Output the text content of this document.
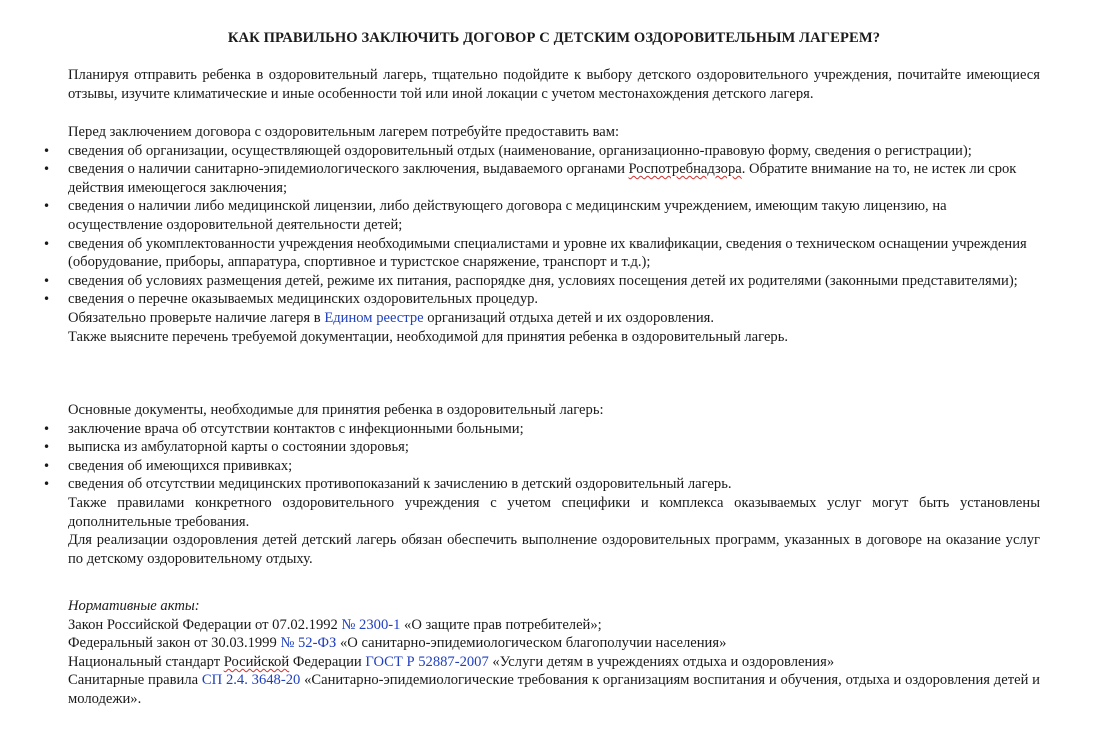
КАК ПРАВИЛЬНО ЗАКЛЮЧИТЬ ДОГОВОР С ДЕТСКИМ ОЗДОРОВИТЕЛЬНЫМ ЛАГЕРЕМ?

Планируя отправить ребенка в оздоровительный лагерь, тщательно подойдите к выбору детского оздоровительного учреждения, почитайте имеющиеся отзывы, изучите климатические и иные особенности той или иной локации с учетом местонахождения детского лагеря.

Перед заключением договора с оздоровительным лагерем потребуйте предоставить вам:

• сведения об организации, осуществляющей оздоровительный отдых (наименование, организационно-правовую форму, сведения о регистрации);
• сведения о наличии санитарно-эпидемиологического заключения, выдаваемого органами Роспотребнадзора. Обратите внимание на то, не истек ли срок действия имеющегося заключения;
• сведения о наличии либо медицинской лицензии, либо действующего договора с медицинским учреждением, имеющим такую лицензию, на осуществление оздоровительной деятельности детей;
• сведения об укомплектованности учреждения необходимыми специалистами и уровне их квалификации, сведения о техническом оснащении учреждения (оборудование, приборы, аппаратура, спортивное и туристское снаряжение, транспорт и т.д.);
• сведения об условиях размещения детей, режиме их питания, распорядке дня, условиях посещения детей их родителями (законными представителями);
• сведения о перечне оказываемых медицинских оздоровительных процедур.

Обязательно проверьте наличие лагеря в Едином реестре организаций отдыха детей и их оздоровления.

Также выясните перечень требуемой документации, необходимой для принятия ребенка в оздоровительный лагерь.

Основные документы, необходимые для принятия ребенка в оздоровительный лагерь:

• заключение врача об отсутствии контактов с инфекционными больными;
• выписка из амбулаторной карты о состоянии здоровья;
• сведения об имеющихся прививках;
• сведения об отсутствии медицинских противопоказаний к зачислению в детский оздоровительный лагерь.

Также правилами конкретного оздоровительного учреждения с учетом специфики и комплекса оказываемых услуг могут быть установлены дополнительные требования.

Для реализации оздоровления детей детский лагерь обязан обеспечить выполнение оздоровительных программ, указанных в договоре на оказание услуг по детскому оздоровительному отдыху.

Нормативные акты:

Закон Российской Федерации от 07.02.1992 № 2300-1 «О защите прав потребителей»;

Федеральный закон от 30.03.1999 № 52-ФЗ «О санитарно-эпидемиологическом благополучии населения»

Национальный стандарт Росийской Федерации ГОСТ Р 52887-2007 «Услуги детям в учреждениях отдыха и оздоровления»

Санитарные правила СП 2.4. 3648-20 «Санитарно-эпидемиологические требования к организациям воспитания и обучения, отдыха и оздоровления детей и молодежи».
